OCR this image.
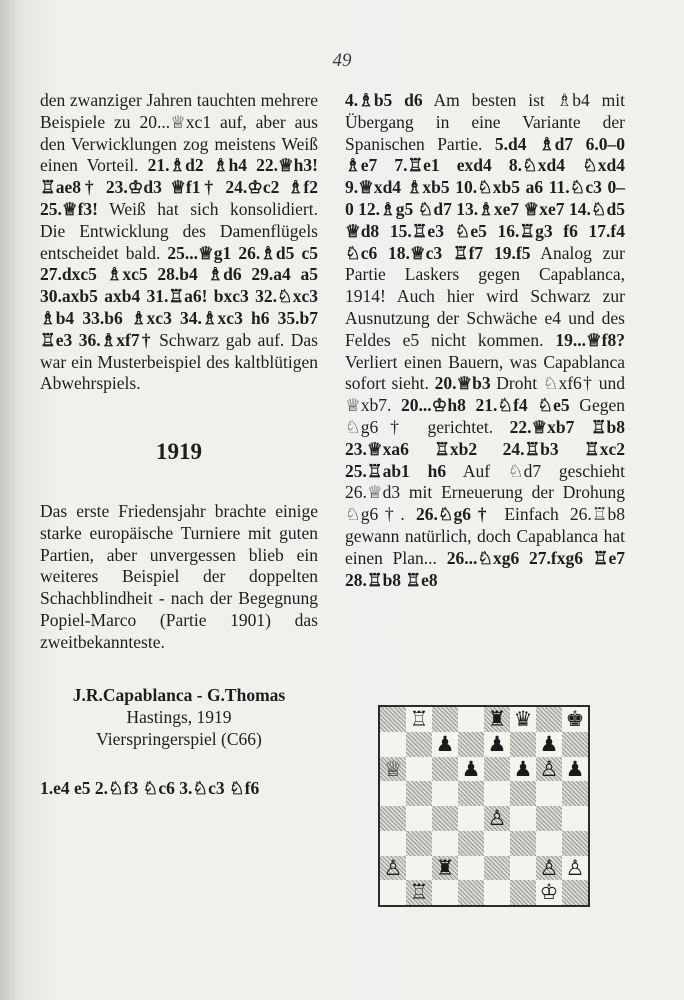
49

den zwanziger Jahren tauchten mehrere Beispiele zu 20...♕xc1 auf, aber aus den Verwicklungen zog meistens Weiß einen Vorteil. 21.♗d2 ♗h4 22.♕h3! ♖ae8† 23.♔d3 ♕f1† 24.♔c2 ♗f2 25.♕f3! Weiß hat sich konsolidiert. Die Entwicklung des Damenflügels entscheidet bald. 25...♕g1 26.♗d5 c5 27.dxc5 ♗xc5 28.b4 ♗d6 29.a4 a5 30.axb5 axb4 31.♖a6! bxc3 32.♘xc3 ♗b4 33.b6 ♗xc3 34.♗xc3 h6 35.b7 ♖e3 36.♗xf7† Schwarz gab auf. Das war ein Musterbeispiel des kaltblütigen Abwehrspiels.

1919

Das erste Friedensjahr brachte einige starke europäische Turniere mit guten Partien, aber unvergessen blieb ein weiteres Beispiel der doppelten Schachblindheit - nach der Begegnung Popiel-Marco (Partie 1901) das zweitbekannteste.

J.R.Capablanca - G.Thomas
Hastings, 1919
Vierspringerspiel (C66)
1.e4 e5 2.♘f3 ♘c6 3.♘c3 ♘f6

4.♗b5 d6 Am besten ist ♗b4 mit Übergang in eine Variante der Spanischen Partie. 5.d4 ♗d7 6.0–0 ♗e7 7.♖e1 exd4 8.♘xd4 ♘xd4 9.♕xd4 ♗xb5 10.♘xb5 a6 11.♘c3 0–0 12.♗g5 ♘d7 13.♗xe7 ♕xe7 14.♘d5 ♕d8 15.♖e3 ♘e5 16.♖g3 f6 17.f4 ♘c6 18.♕c3 ♖f7 19.f5 Analog zur Partie Laskers gegen Capablanca, 1914! Auch hier wird Schwarz zur Ausnutzung der Schwäche e4 und des Feldes e5 nicht kommen. 19...♕f8? Verliert einen Bauern, was Capablanca sofort sieht. 20.♕b3 Droht ♘xf6† und ♕xb7. 20...♔h8 21.♘f4 ♘e5 Gegen ♘g6† gerichtet. 22.♕xb7 ♖b8 23.♕xa6 ♖xb2 24.♖b3 ♖xc2 25.♖ab1 h6 Auf ♘d7 geschieht 26.♕d3 mit Erneuerung der Drohung ♘g6†. 26.♘g6† Einfach 26.♖b8 gewann natürlich, doch Capablanca hat einen Plan... 26...♘xg6 27.fxg6 ♖e7 28.♖b8 ♖e8

♖	♜ ♛ ♚
♟ ♟ ♟
♕	♟ ♟ ♙ ♟
♙
♙ ♜	♙ ♙
♖	♔
